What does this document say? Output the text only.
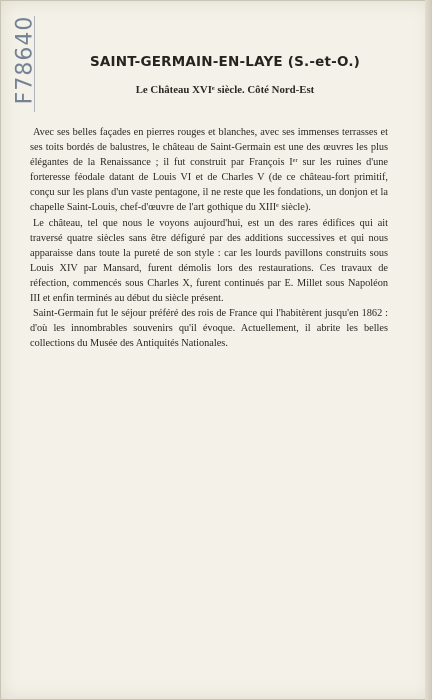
F78640	SAINT-GERMAIN-EN-LAYE (S.-et-O.)
Le Château XVIᵉ siècle. Côté Nord-Est

Avec ses belles façades en pierres rouges et blanches, avec ses immenses terrasses et ses toits bordés de balustres, le château de Saint-Germain est une des œuvres les plus élégantes de la Renaissance ; il fut construit par François Iᵉʳ sur les ruines d'une forteresse féodale datant de Louis VI et de Charles V (de ce château-fort primitif, conçu sur les plans d'un vaste pentagone, il ne reste que les fondations, un donjon et la chapelle Saint-Louis, chef-d'œuvre de l'art gothique du XIIIᵉ siècle).

Le château, tel que nous le voyons aujourd'hui, est un des rares édifices qui ait traversé quatre siècles sans être défiguré par des additions successives et qui nous apparaisse dans toute la pureté de son style : car les lourds pavillons construits sous Louis XIV par Mansard, furent démolis lors des restaurations. Ces travaux de réfection, commencés sous Charles X, furent continués par E. Millet sous Napoléon III et enfin terminés au début du siècle présent.

Saint-Germain fut le séjour préféré des rois de France qui l'habitèrent jusqu'en 1862 : d'où les innombrables souvenirs qu'il évoque. Actuellement, il abrite les belles collections du Musée des Antiquités Nationales.
